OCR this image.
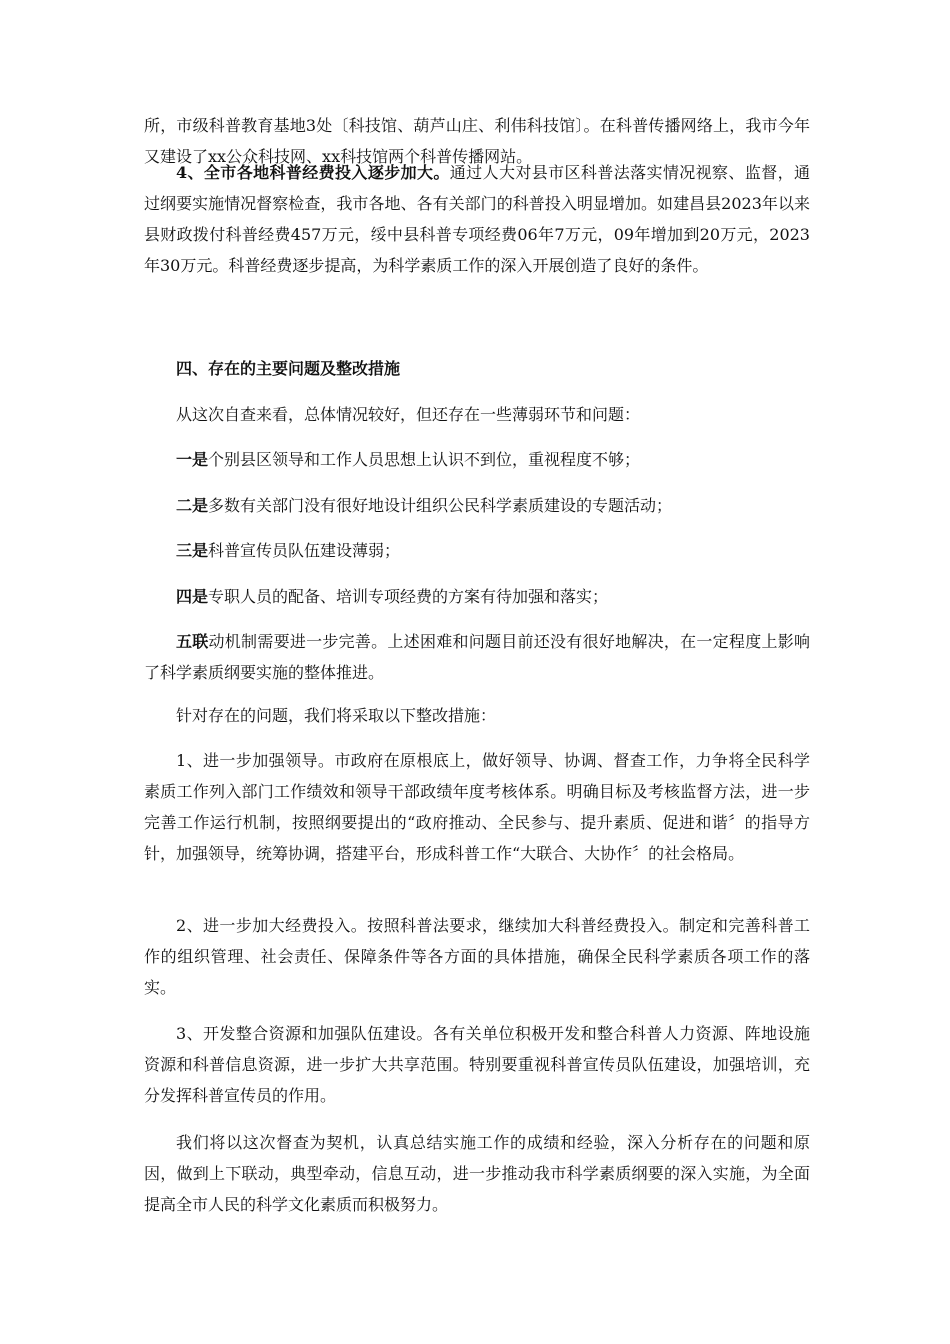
所，市级科普教育基地3处〔科技馆、葫芦山庄、利伟科技馆〕。在科普传播网络上，我市今年又建设了xx公众科技网、xx科技馆两个科普传播网站。

4、全市各地科普经费投入逐步加大。通过人大对县市区科普法落实情况视察、监督，通过纲要实施情况督察检查，我市各地、各有关部门的科普投入明显增加。如建昌县2023年以来县财政拨付科普经费457万元，绥中县科普专项经费06年7万元，09年增加到20万元，2023年30万元。科普经费逐步提高，为科学素质工作的深入开展创造了良好的条件。

四、存在的主要问题及整改措施

从这次自查来看，总体情况较好，但还存在一些薄弱环节和问题：

一是个别县区领导和工作人员思想上认识不到位，重视程度不够；

二是多数有关部门没有很好地设计组织公民科学素质建设的专题活动；

三是科普宣传员队伍建设薄弱；

四是专职人员的配备、培训专项经费的方案有待加强和落实；

五联动机制需要进一步完善。上述困难和问题目前还没有很好地解决，在一定程度上影响了科学素质纲要实施的整体推进。

针对存在的问题，我们将采取以下整改措施：

1、进一步加强领导。市政府在原根底上，做好领导、协调、督查工作，力争将全民科学素质工作列入部门工作绩效和领导干部政绩年度考核体系。明确目标及考核监督方法，进一步完善工作运行机制，按照纲要提出的“政府推动、全民参与、提升素质、促进和谐〞的指导方针，加强领导，统筹协调，搭建平台，形成科普工作“大联合、大协作〞的社会格局。

2、进一步加大经费投入。按照科普法要求，继续加大科普经费投入。制定和完善科普工作的组织管理、社会责任、保障条件等各方面的具体措施，确保全民科学素质各项工作的落实。

3、开发整合资源和加强队伍建设。各有关单位积极开发和整合科普人力资源、阵地设施资源和科普信息资源，进一步扩大共享范围。特别要重视科普宣传员队伍建设，加强培训，充分发挥科普宣传员的作用。

我们将以这次督查为契机，认真总结实施工作的成绩和经验，深入分析存在的问题和原因，做到上下联动，典型牵动，信息互动，进一步推动我市科学素质纲要的深入实施，为全面提高全市人民的科学文化素质而积极努力。
